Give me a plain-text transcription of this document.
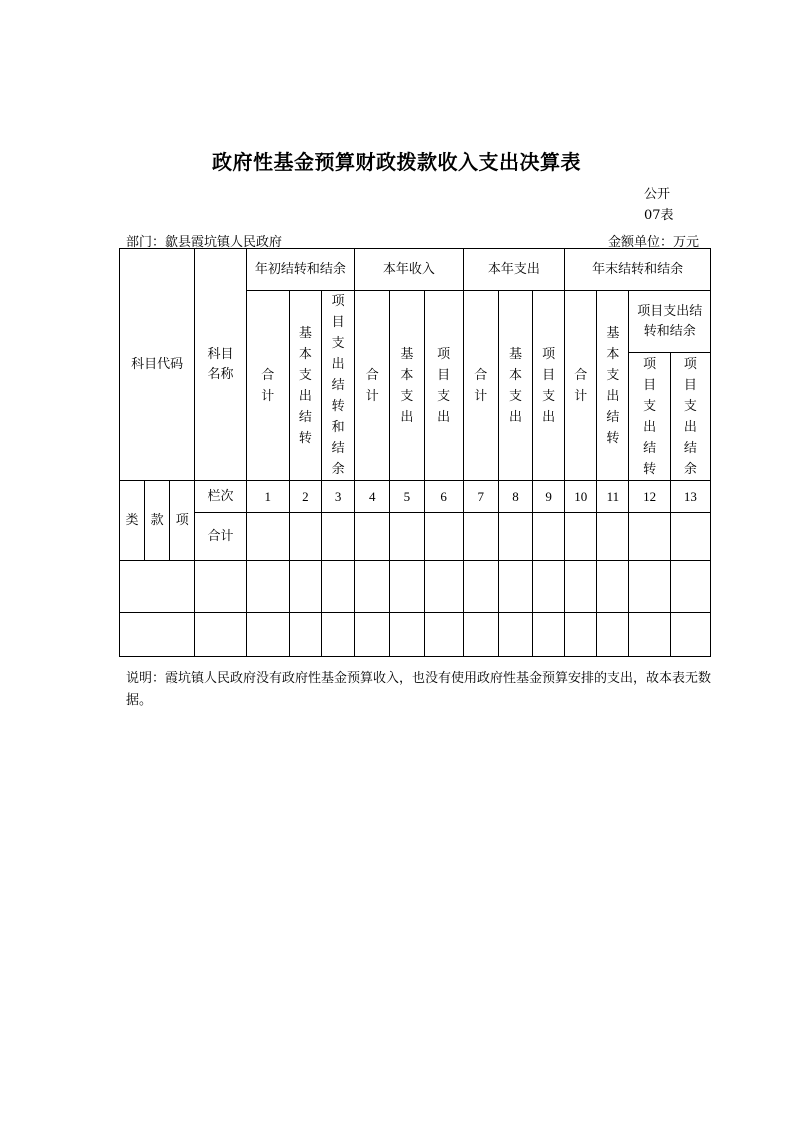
政府性基金预算财政拨款收入支出决算表
公开
07表
部门：歙县霞坑镇人民政府	金额单位：万元
科目代码			科目名称	年初结转和结余			本年收入			本年支出			年末结转和结余			
				合计	基本支出结转	项目支出结转和结余	合计	基本支出	项目支出	合计	基本支出	项目支出	合计	基本支出结转	项目支出结转和结余	
															项目支出结转	项目支出结余
类	款	项	栏次	1	2	3	4	5	6	7	8	9	10	11	12	13
			合计													

说明：霞坑镇人民政府没有政府性基金预算收入，也没有使用政府性基金预算安排的支出，故本表无数据。
